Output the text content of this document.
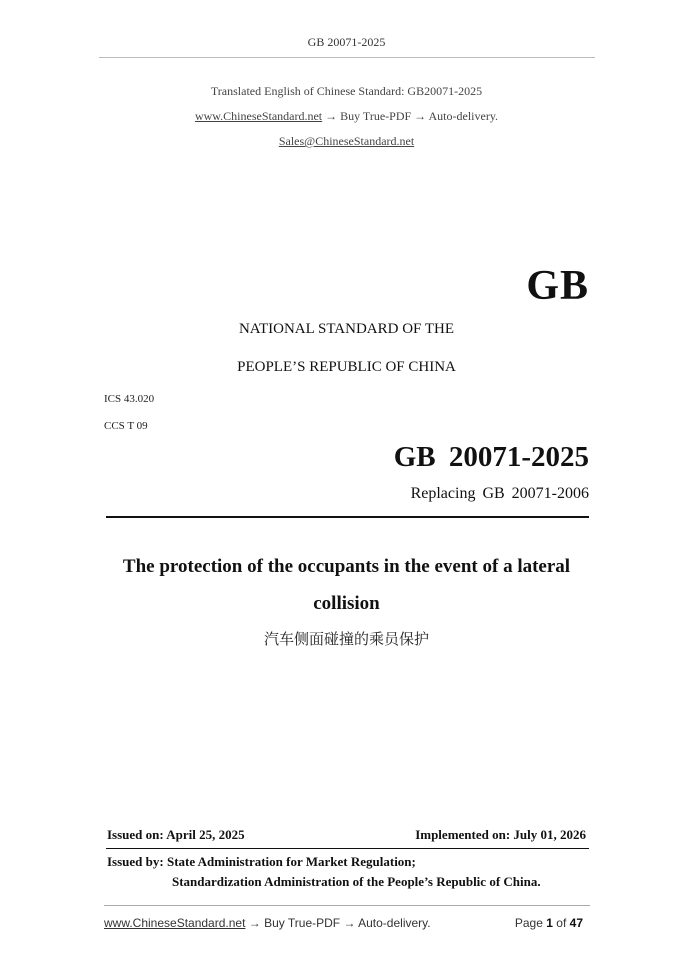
GB 20071-2025
Translated English of Chinese Standard: GB20071-2025
www.ChineseStandard.net → Buy True-PDF → Auto-delivery.
Sales@ChineseStandard.net
GB
NATIONAL STANDARD OF THE
PEOPLE’S REPUBLIC OF CHINA
ICS 43.020
CCS T 09
GB 20071-2025
Replacing GB 20071-2006
The protection of the occupants in the event of a lateral
collision
汽车侧面碰撞的乘员保护
Issued on: April 25, 2025	Implemented on: July 01, 2026
Issued by: State Administration for Market Regulation;
Standardization Administration of the People’s Republic of China.
www.ChineseStandard.net → Buy True-PDF → Auto-delivery.	Page 1 of 47
